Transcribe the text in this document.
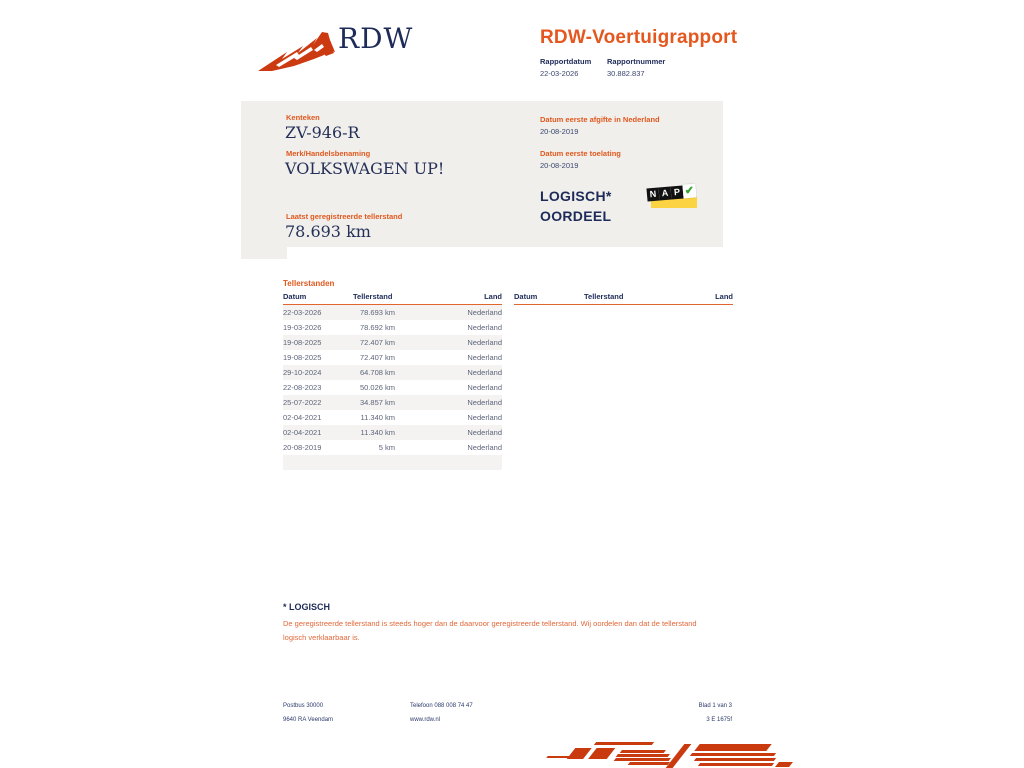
RDW	RDW-Voertuigrapport
Rapportdatum Rapportnummer
22-03-2026	30.882.837
Kenteken
ZV-946-R
Merk/Handelsbenaming
VOLKSWAGEN UP!
Laatst geregistreerde tellerstand
78.693 km
Datum eerste afgifte in Nederland
20-08-2019
Datum eerste toelating
20-08-2019
LOGISCH*
OORDEEL
N A P ✔
Tellerstanden
Datum	Tellerstand	Land
22-03-2026	78.693 km	Nederland
19-03-2026	78.692 km	Nederland
19-08-2025	72.407 km	Nederland
19-08-2025	72.407 km	Nederland
29-10-2024	64.708 km	Nederland
22-08-2023	50.026 km	Nederland
25-07-2022	34.857 km	Nederland
02-04-2021	11.340 km	Nederland
02-04-2021	11.340 km	Nederland
20-08-2019	5 km	Nederland

Datum	Tellerstand	Land
* LOGISCH
De geregistreerde tellerstand is steeds hoger dan de daarvoor geregistreerde tellerstand. Wij oordelen dan dat de tellerstand logisch verklaarbaar is.
Postbus 30000
9640 RA Veendam
Telefoon 088 008 74 47
www.rdw.nl
Blad 1 van 3
3 E 1675f
